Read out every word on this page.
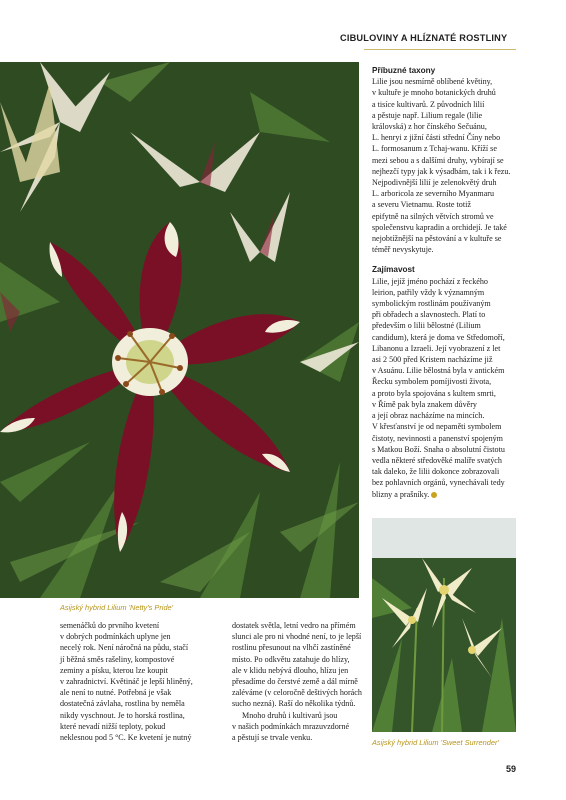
CIBULOVINY A HLÍZNATÉ ROSTLINY
Asijský hybrid Lilium 'Netty's Pride'
Příbuzné taxony
Lilie jsou nesmírně oblíbené květiny,
v kultuře je mnoho botanických druhů
a tisíce kultivarů. Z původních lilií
a pěstuje např. Lilium regale (lilie
královská) z hor čínského Sečuánu,
L. henryi z jižní části střední Číny nebo
L. formosanum z Tchaj-wanu. Kříží se
mezi sebou a s dalšími druhy, vybírají se
nejhezčí typy jak k výsadbám, tak i k řezu.
Nejpodivnější lilií je zelenokvětý druh
L. arboricola ze severního Myanmaru
a severu Vietnamu. Roste totiž
epifytně na silných větvích stromů ve
společenstvu kapradin a orchidejí. Je také
nejobtížnější na pěstování a v kultuře se
téměř nevyskytuje.
Zajímavost
Lilie, jejíž jméno pochází z řeckého
leirion, patřily vždy k významným
symbolickým rostlinám používaným
při obřadech a slavnostech. Platí to
především o lilii bělostné (Lilium
candidum), která je doma ve Středomoří,
Libanonu a Izraeli. Její vyobrazení z let
asi 2 500 před Kristem nacházíme již
v Asuánu. Lilie bělostná byla v antickém
Řecku symbolem pomíjivosti života,
a proto byla spojována s kultem smrti,
v Římě pak byla znakem důvěry
a její obraz nacházíme na mincích.
V křesťanství je od nepaměti symbolem
čistoty, nevinnosti a panenství spojeným
s Matkou Boží. Snaha o absolutní čistotu
vedla některé středověké malíře svatých
tak daleko, že lilii dokonce zobrazovali
bez pohlavních orgánů, vynechávali tedy
blizny a prašníky.
Asijský hybrid Lilium 'Sweet Surrender'
semenáčků do prvního kvetení
v dobrých podmínkách uplyne jen
necelý rok. Není náročná na půdu, stačí
jí běžná směs rašeliny, kompostové
zeminy a písku, kterou lze koupit
v zahradnictví. Květináč je lepší hliněný,
ale není to nutné. Potřebná je však
dostatečná závlaha, rostlina by neměla
nikdy vyschnout. Je to horská rostlina,
které nevadí nižší teploty, pokud
neklesnou pod 5 °C. Ke kvetení je nutný
dostatek světla, letní vedro na přímém
slunci ale pro ni vhodné není, to je lepší
rostlinu přesunout na vlhčí zastíněné
místo. Po odkvětu zatahuje do hlízy,
ale v klidu nebývá dlouho, hlízu jen
přesadíme do čerstvé země a dál mírně
zaléváme (v celoročně deštivých horách
sucho nezná). Raší do několika týdnů.
Mnoho druhů i kultivarů jsou
v našich podmínkách mrazuvzdorné
a pěstují se trvale venku.
59
